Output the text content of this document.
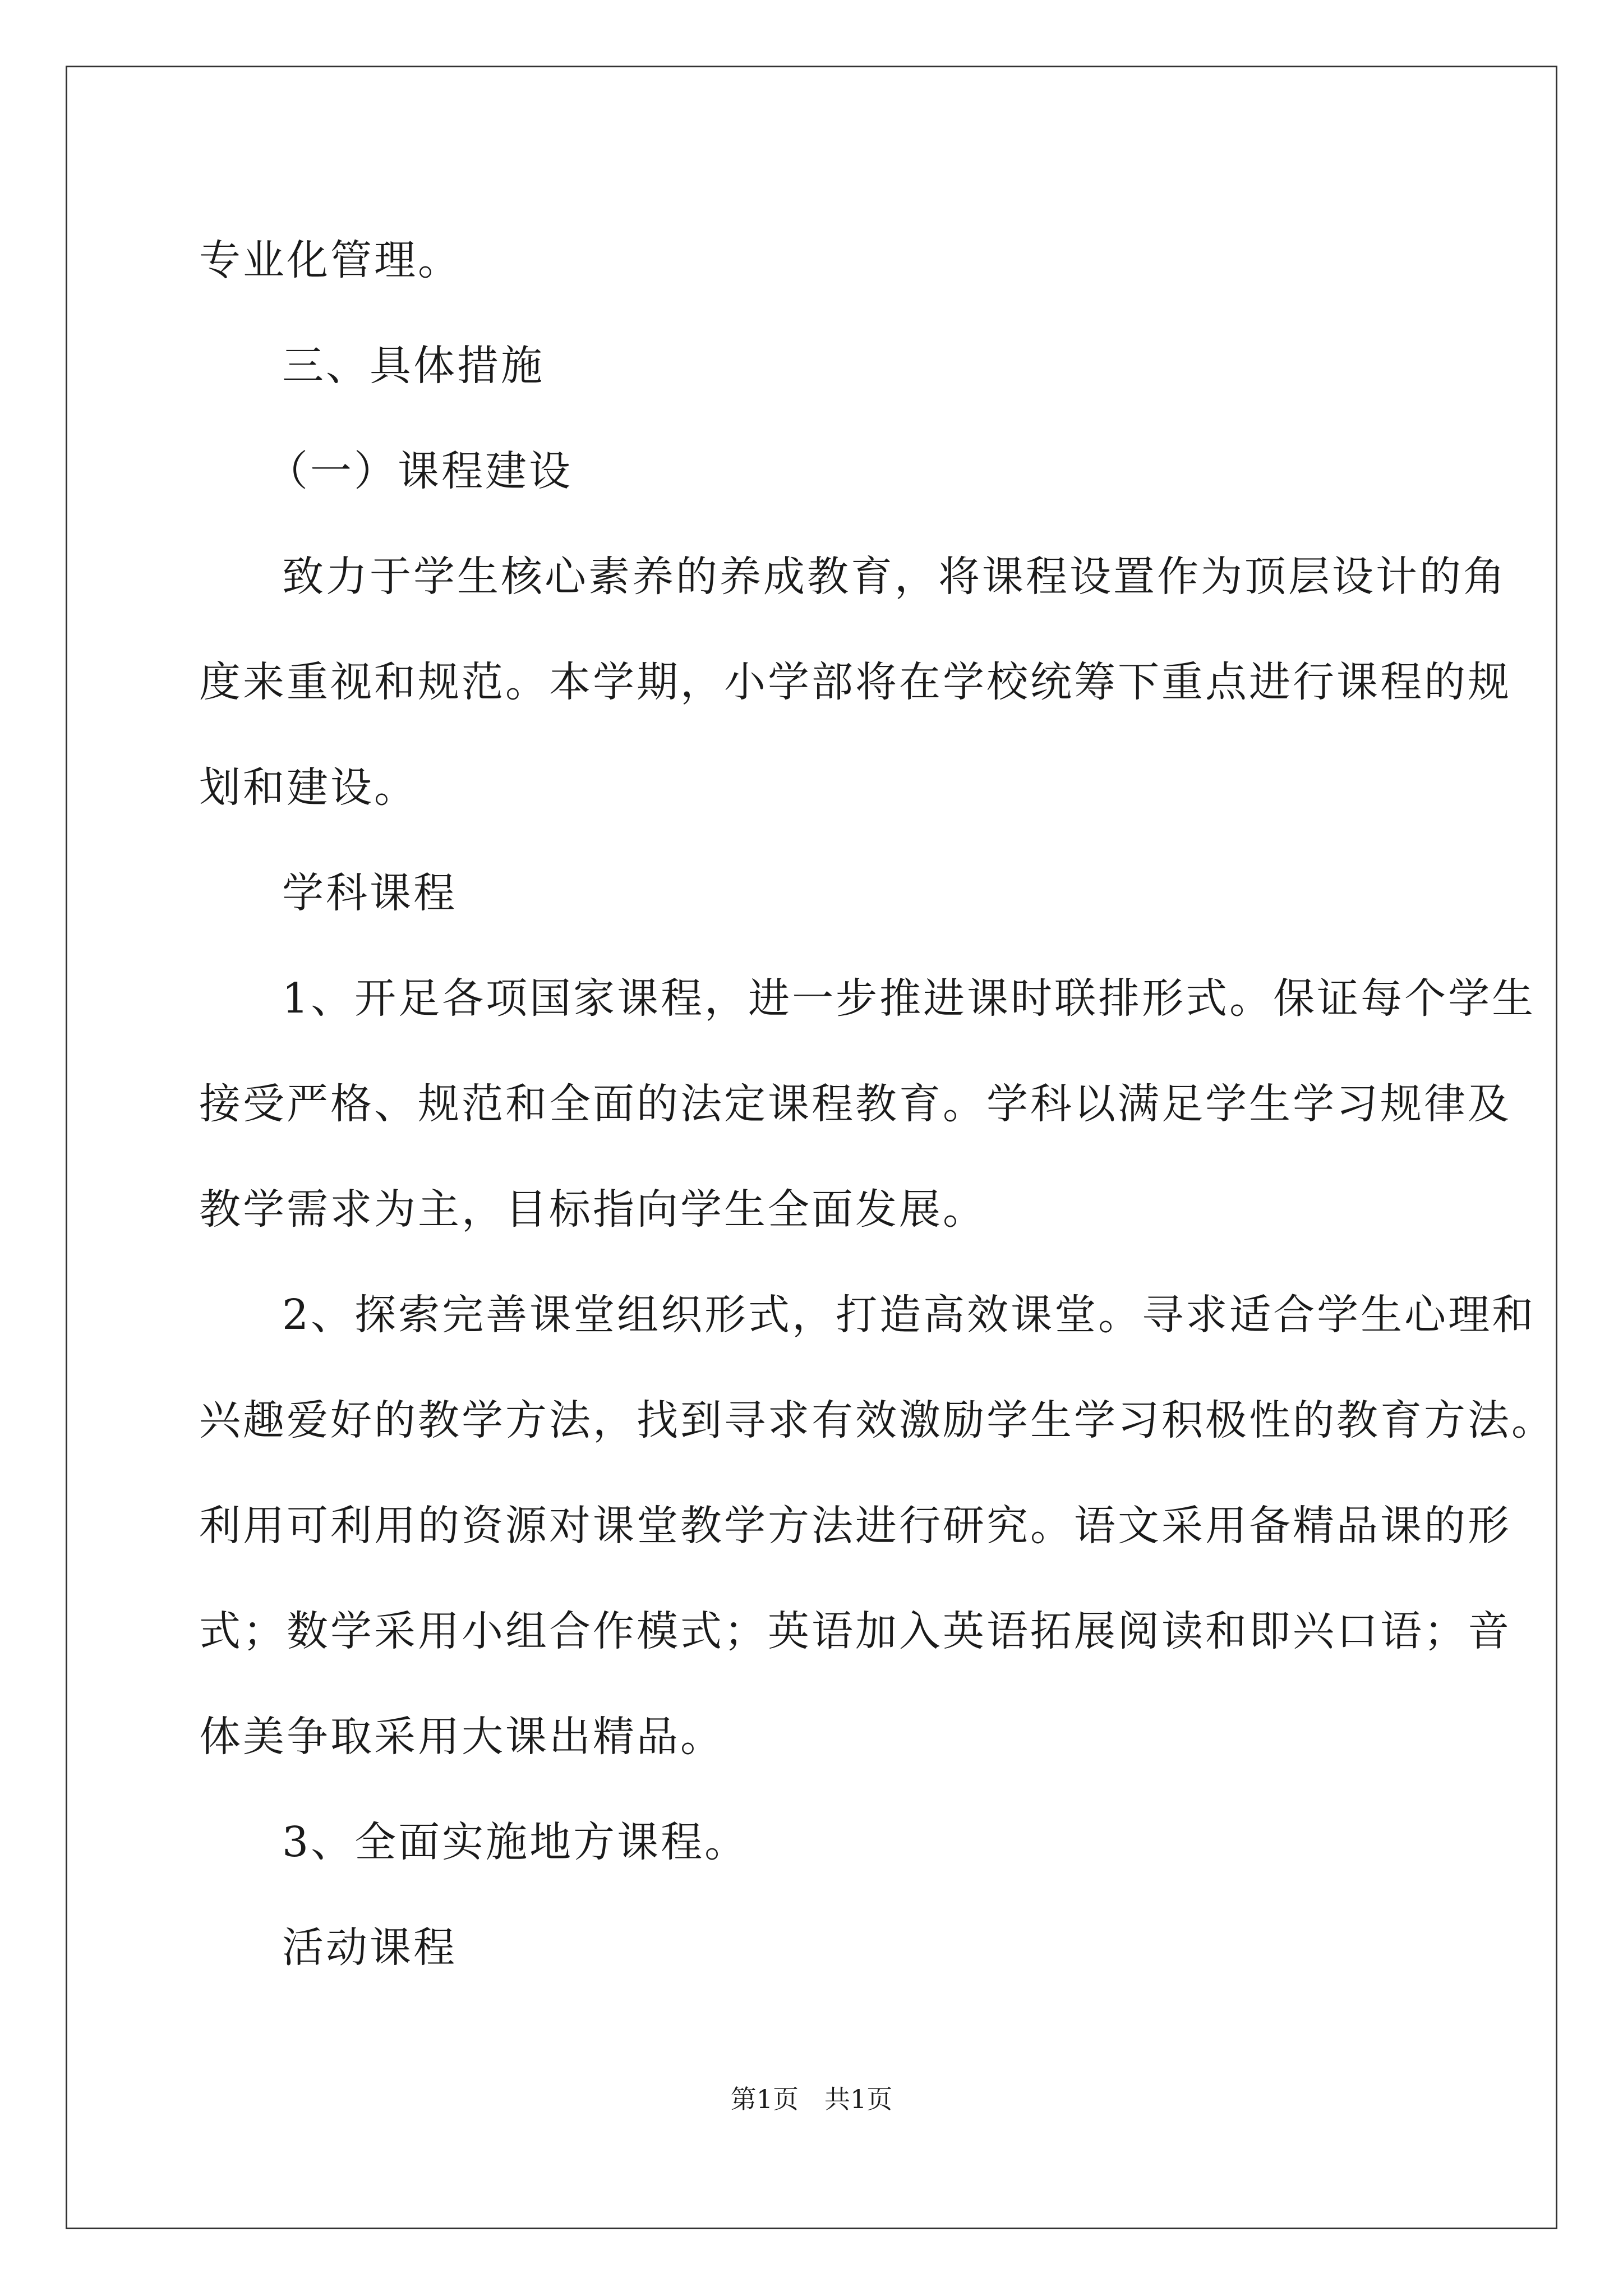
专业化管理。

三、具体措施

（一）课程建设

致力于学生核心素养的养成教育，将课程设置作为顶层设计的角
度来重视和规范。本学期，小学部将在学校统筹下重点进行课程的规
划和建设。

学科课程

1、开足各项国家课程，进一步推进课时联排形式。保证每个学生
接受严格、规范和全面的法定课程教育。学科以满足学生学习规律及
教学需求为主，目标指向学生全面发展。

2、探索完善课堂组织形式，打造高效课堂。寻求适合学生心理和
兴趣爱好的教学方法，找到寻求有效激励学生学习积极性的教育方法。
利用可利用的资源对课堂教学方法进行研究。语文采用备精品课的形
式；数学采用小组合作模式；英语加入英语拓展阅读和即兴口语；音
体美争取采用大课出精品。

3、全面实施地方课程。

活动课程

第1页 共1页
